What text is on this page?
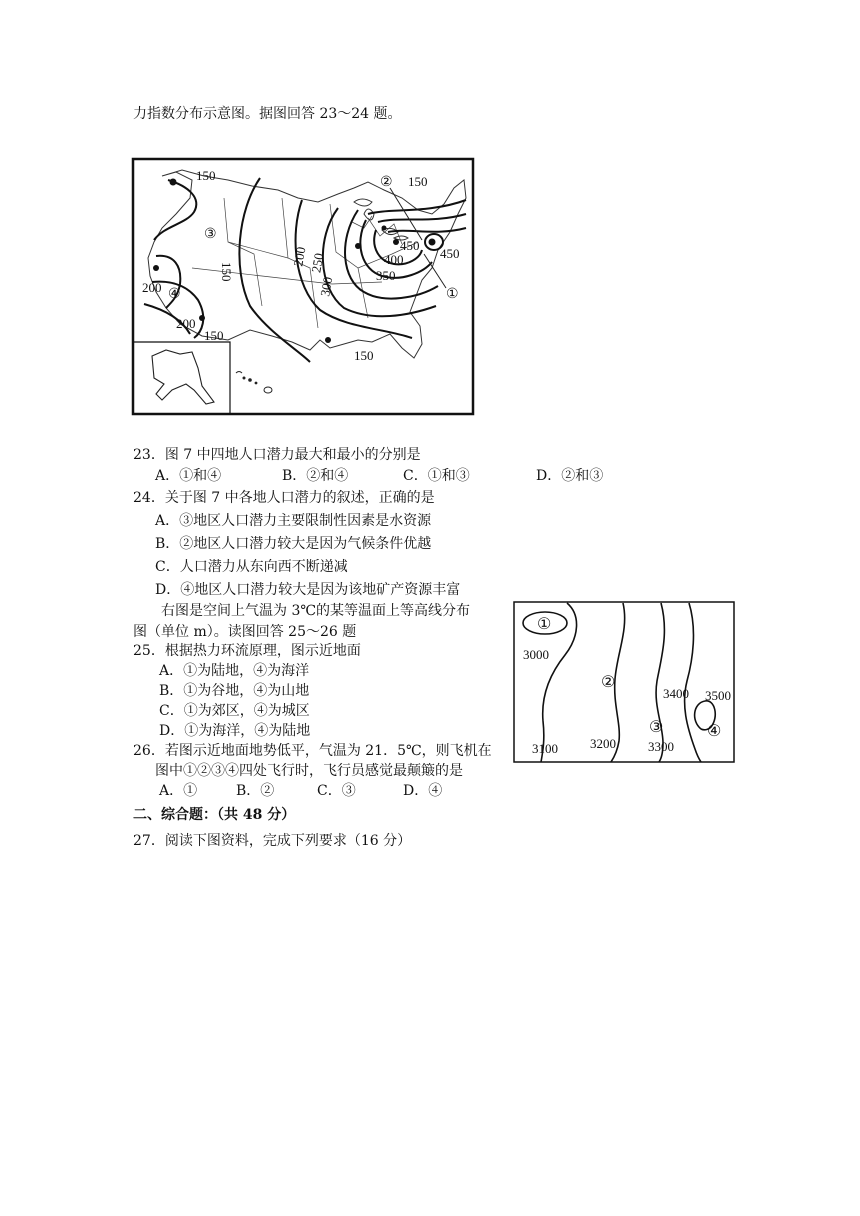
力指数分布示意图。据图回答 23～24 题。
150	150
150
150
150
200
200
200 250
300
350
400
450
450
①
②
③
④
23．图 7 中四地人口潜力最大和最小的分别是
A．①和④	B．②和④	C．①和③	D．②和③
24．关于图 7 中各地人口潜力的叙述，正确的是
A．③地区人口潜力主要限制性因素是水资源
B．②地区人口潜力较大是因为气候条件优越
C．人口潜力从东向西不断递减
D．④地区人口潜力较大是因为该地矿产资源丰富
右图是空间上气温为 3℃的某等温面上等高线分布
图（单位 m）。读图回答 25～26 题
25．根据热力环流原理，图示近地面
A．①为陆地，④为海洋
B．①为谷地，④为山地
C．①为郊区，④为城区
D．①为海洋，④为陆地
26．若图示近地面地势低平，气温为 21．5℃，则飞机在
图中①②③④四处飞行时，飞行员感觉最颠簸的是
A．①	B．②	C．③	D．④
3000
3100 3200 3300
3400 3500
①
②
③	④
二、综合题：（共 48 分）
27．阅读下图资料，完成下列要求（16 分）
